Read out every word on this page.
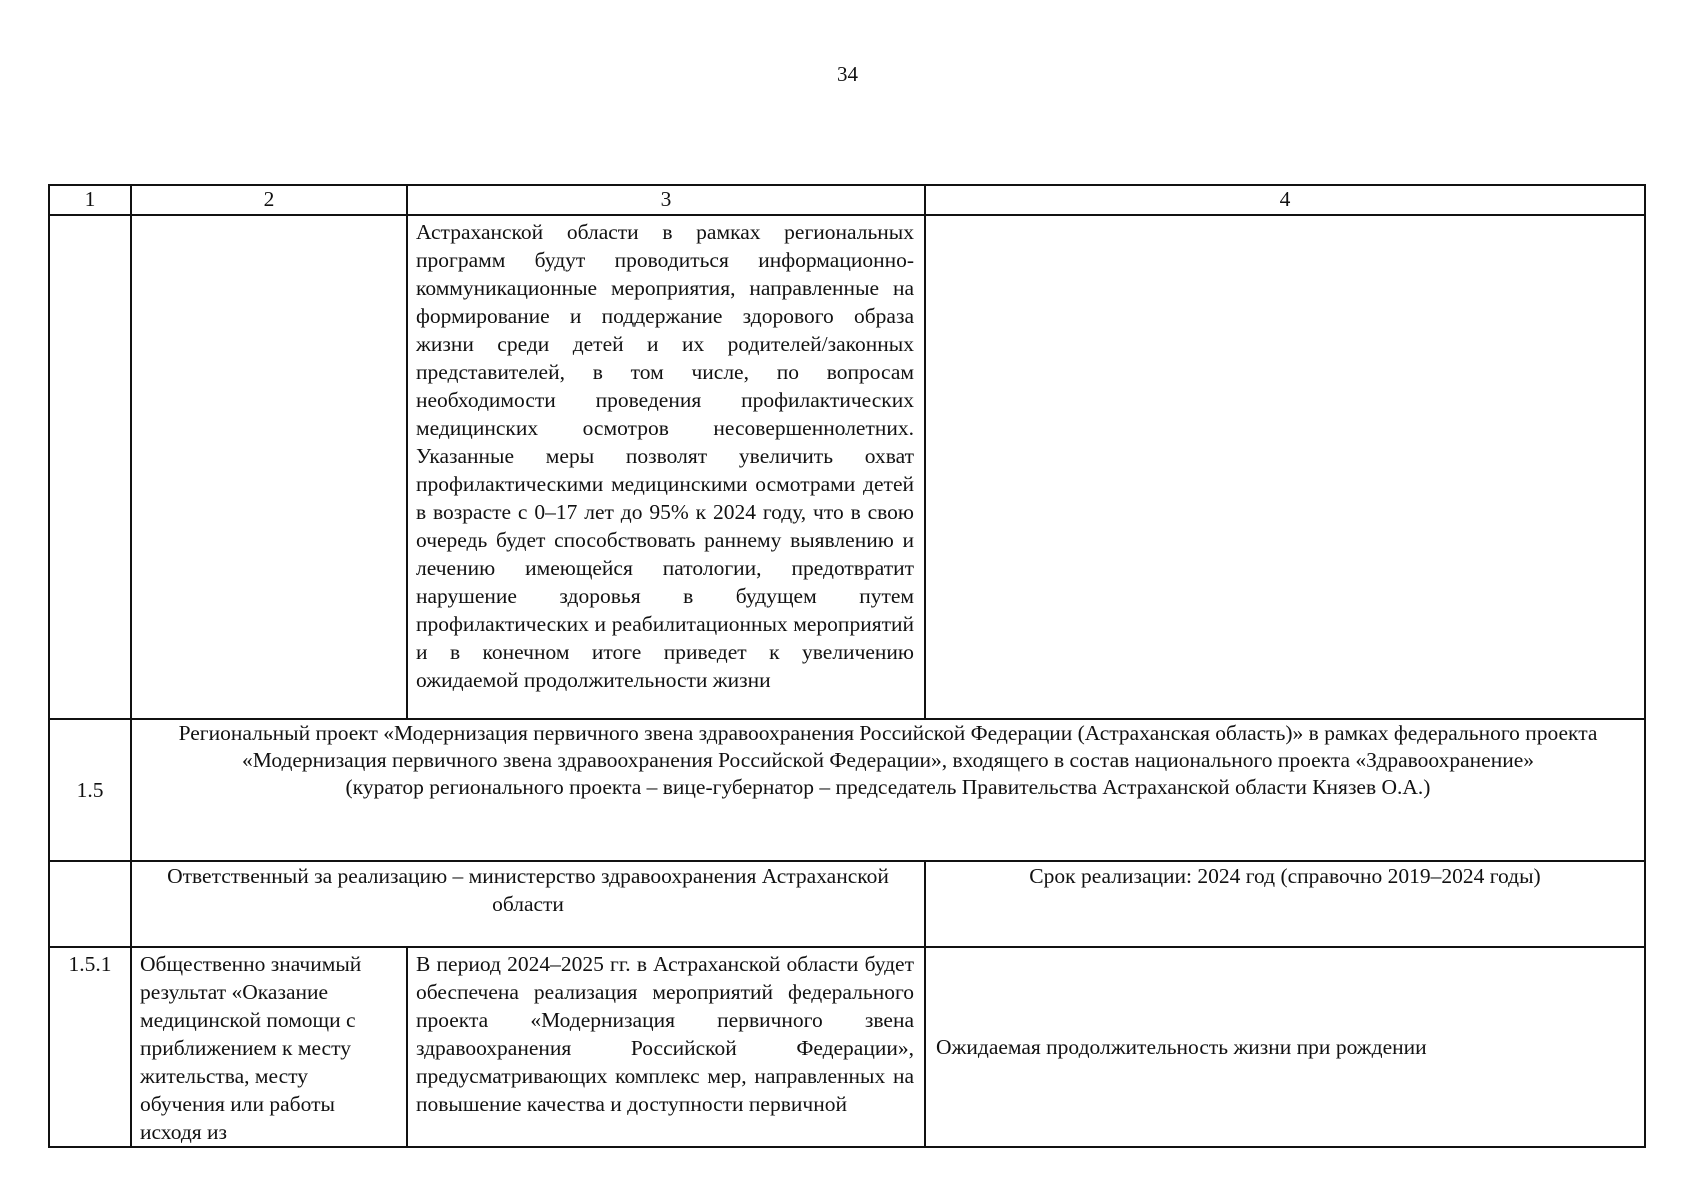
34
1	2	3	4
		Астраханской области в рамках региональных программ будут проводиться информационно-коммуникационные мероприятия, направленные на формирование и поддержание здорового образа жизни среди детей и их родителей/законных представителей, в том числе, по вопросам необходимости проведения профилактических медицинских осмотров несовершеннолетних. Указанные меры позволят увеличить охват профилактическими медицинскими осмотрами детей в возрасте с 0–17 лет до 95% к 2024 году, что в свою очередь будет способствовать раннему выявлению и лечению имеющейся патологии, предотвратит нарушение здоровья в будущем путем профилактических и реабилитационных мероприятий и в конечном итоге приведет к увеличению ожидаемой продолжительности жизни	
1.5	Региональный проект «Модернизация первичного звена здравоохранения Российской Федерации (Астраханская область)» в рамках федерального проекта «Модернизация первичного звена здравоохранения Российской Федерации», входящего в состав национального проекта «Здравоохранение»
(куратор регионального проекта – вице-губернатор – председатель Правительства Астраханской области Князев О.А.)		

	Ответственный за реализацию – министерство здравоохранения Астраханской области		Срок реализации: 2024 год (справочно 2019–2024 годы)
1.5.1	Общественно значимый результат «Оказание медицинской помощи с приближением к месту жительства, месту обучения или работы исходя из	В период 2024–2025 гг. в Астраханской области будет обеспечена реализация мероприятий федерального проекта «Модернизация первичного звена здравоохранения Российской Федерации», предусматривающих комплекс мер, направленных на повышение качества и доступности первичной	Ожидаемая продолжительность жизни при рождении
